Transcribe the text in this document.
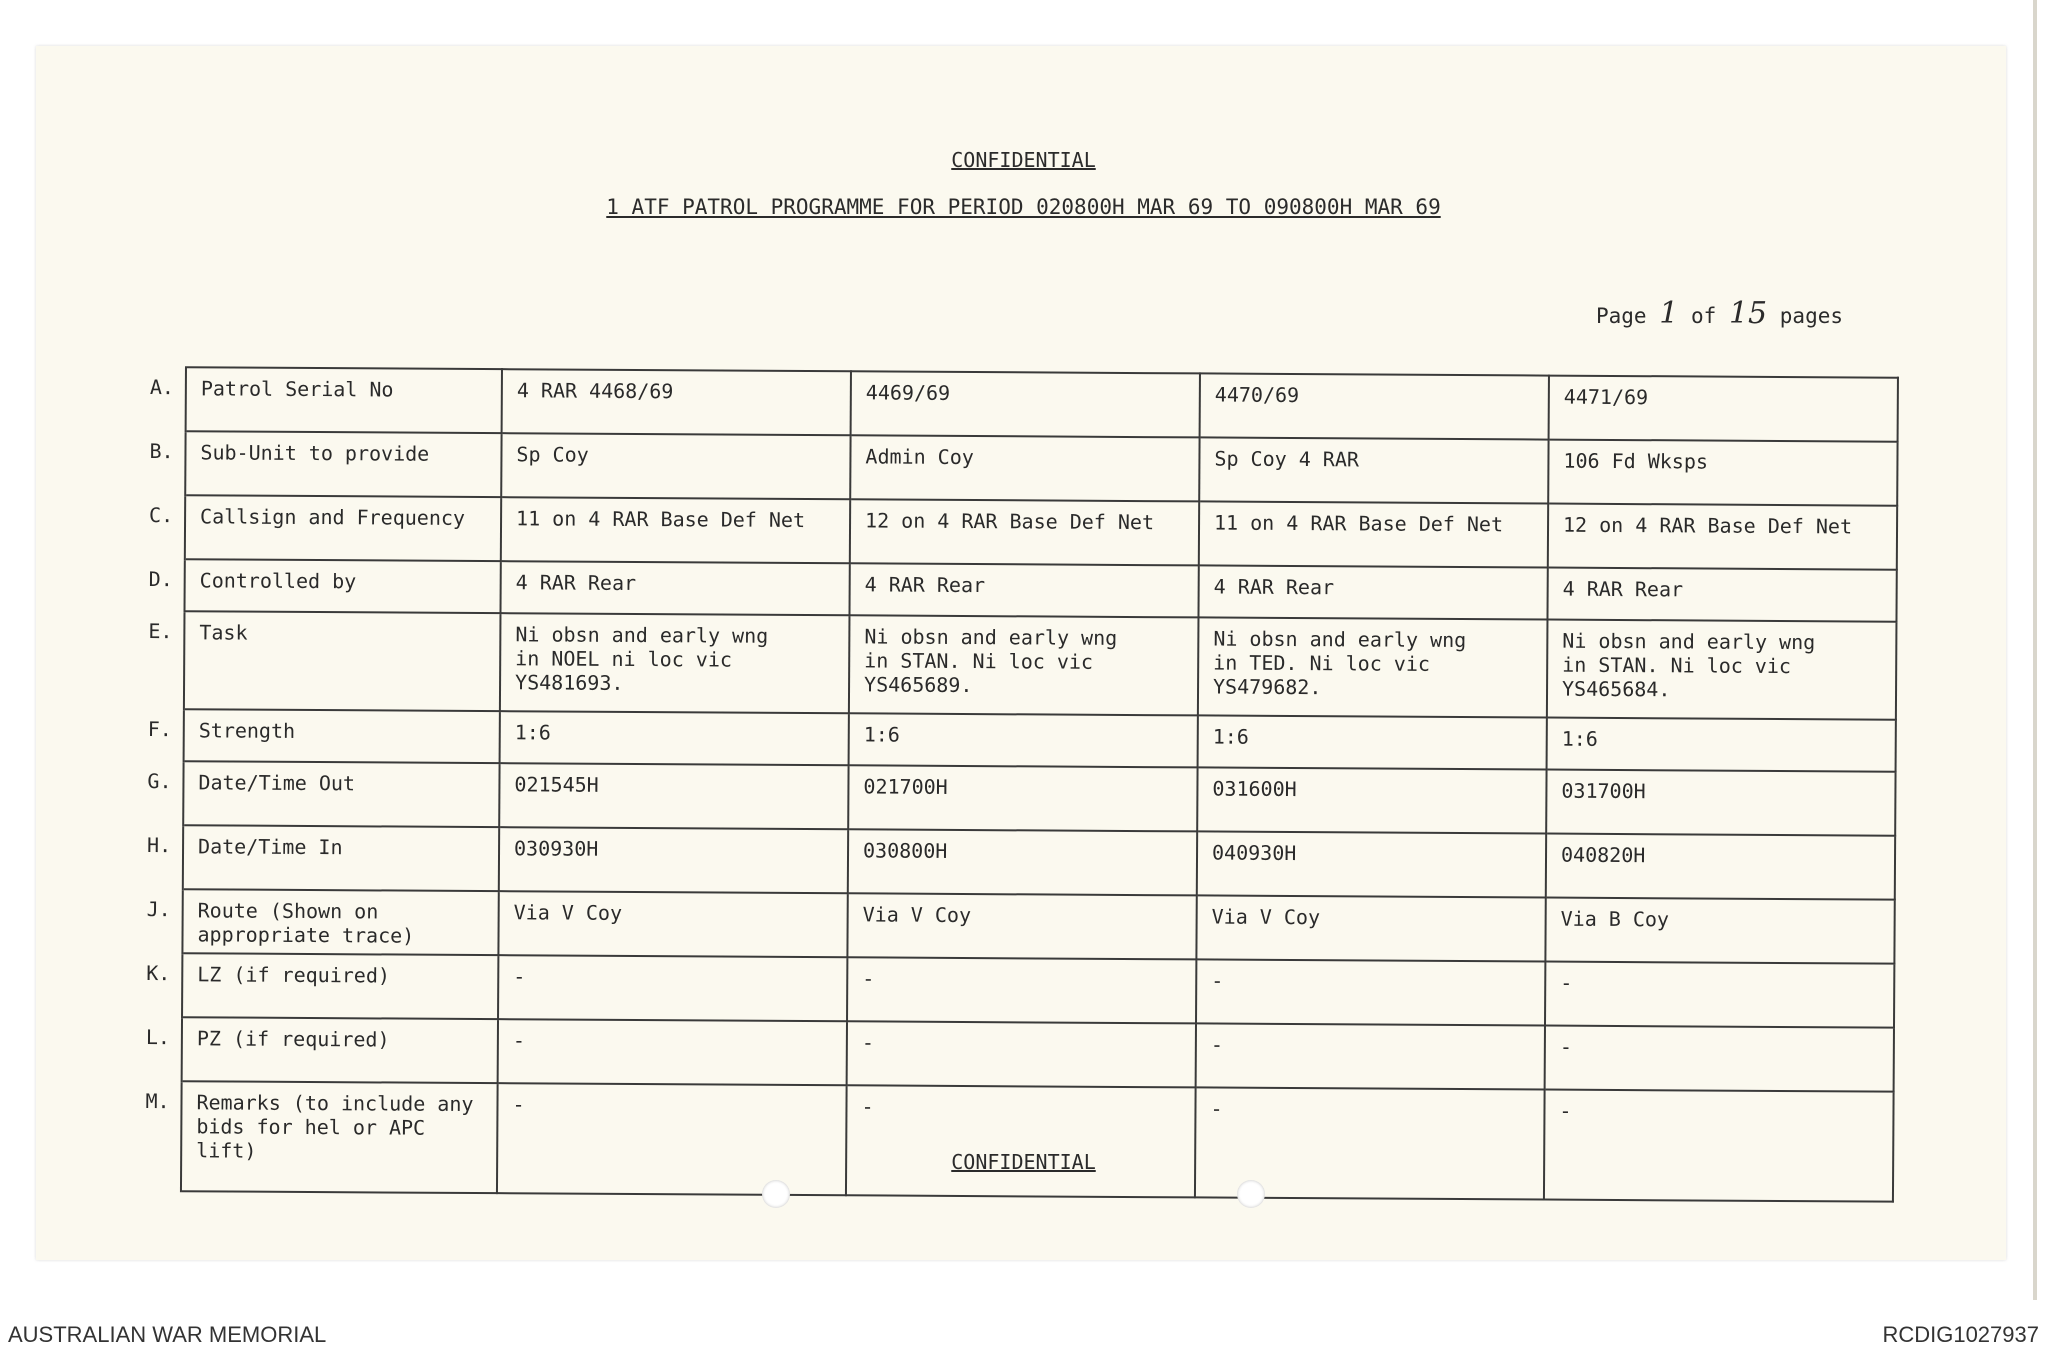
CONFIDENTIAL
1 ATF PATROL PROGRAMME FOR PERIOD 020800H MAR 69 TO 090800H MAR 69
Page 1 of 15 pages
A.	Patrol Serial No	4 RAR 4468/69	4469/69	4470/69	4471/69
B.	Sub-Unit to provide	Sp Coy	Admin Coy	Sp Coy 4 RAR	106 Fd Wksps
C.	Callsign and Frequency	11 on 4 RAR Base Def Net	12 on 4 RAR Base Def Net	11 on 4 RAR Base Def Net	12 on 4 RAR Base Def Net
D.	Controlled by	4 RAR Rear	4 RAR Rear	4 RAR Rear	4 RAR Rear
E.	Task	Ni obsn and early wng
in NOEL ni loc vic
YS481693.	Ni obsn and early wng
in STAN. Ni loc vic
YS465689.	Ni obsn and early wng
in TED. Ni loc vic
YS479682.	Ni obsn and early wng
in STAN. Ni loc vic
YS465684.
F.	Strength	1:6	1:6	1:6	1:6
G.	Date/Time Out	021545H	021700H	031600H	031700H
H.	Date/Time In	030930H	030800H	040930H	040820H
J.	Route (Shown on
appropriate trace)	Via V Coy	Via V Coy	Via V Coy	Via B Coy
K.	LZ (if required)	-	-	-	-
L.	PZ (if required)	-	-	-	-
M.	Remarks (to include any
bids for hel or APC
lift)	-	-	-	-
CONFIDENTIAL
AUSTRALIAN WAR MEMORIAL	RCDIG1027937
